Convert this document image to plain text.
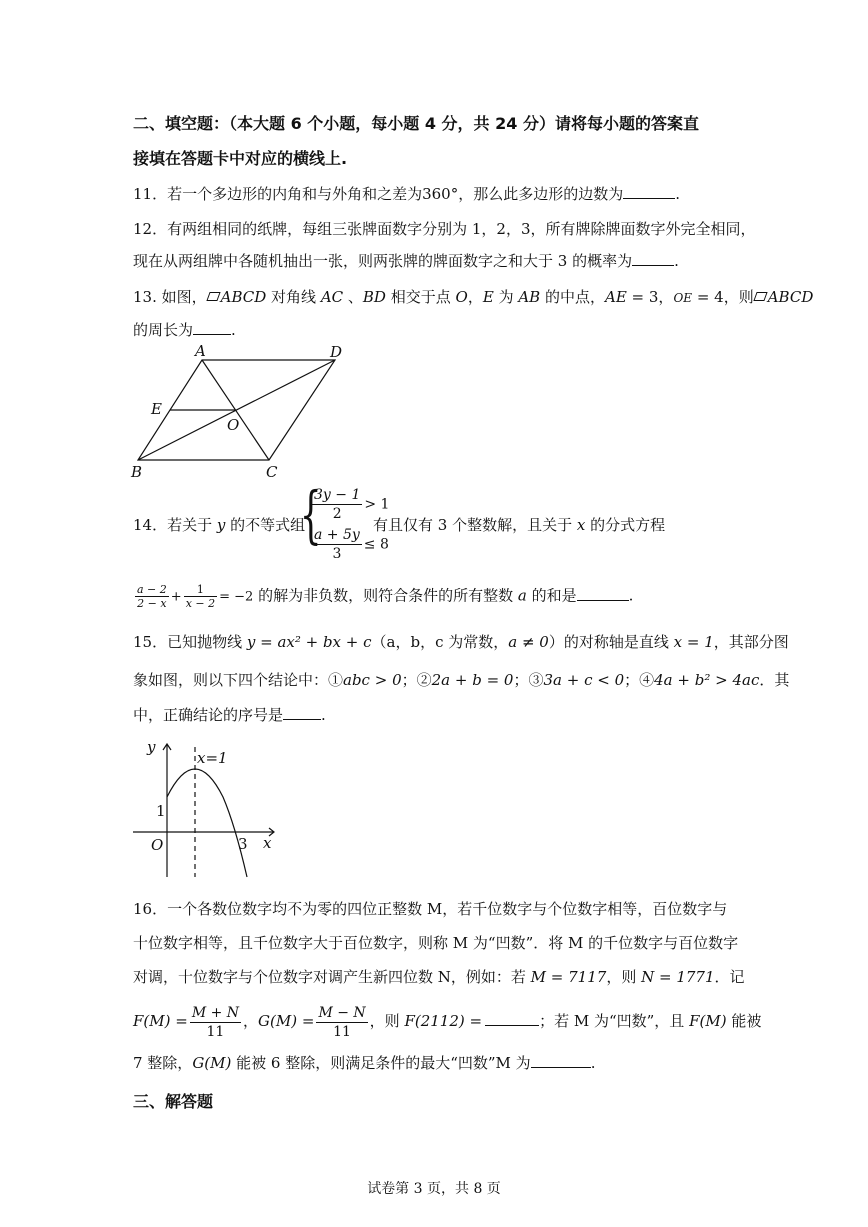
二、填空题：（本大题 6 个小题，每小题 4 分，共 24 分）请将每小题的答案直
接填在答题卡中对应的横线上.
11．若一个多边形的内角和与外角和之差为360°，那么此多边形的边数为	.
12．有两组相同的纸牌，每组三张牌面数字分别为 1，2，3，所有牌除牌面数字外完全相同，
现在从两组牌中各随机抽出一张，则两张牌的牌面数字之和大于 3 的概率为	.
13. 如图， ABCD 对角线 AC 、BD 相交于点 O，E 为 AB 的中点，AE = 3，OE = 4，则 ABCD
的周长为	.
A	D
E
O
B	C
14．若关于 y 的不等式组
{
$\frac{3y - 1}{2} > 1$
$\frac{a + 5y}{3} \le 8$
有且仅有 3 个整数解，且关于 x 的分式方程
$\frac{a - 2}{2 - x} + \frac{1}{x - 2} = -2$ 的解为非负数，则符合条件的所有整数 a 的和是	.
15．已知抛物线 y = ax² + bx + c（a，b，c 为常数，a ≠ 0）的对称轴是直线 x = 1，其部分图
象如图，则以下四个结论中：①abc > 0；②2a + b = 0；③3a + c < 0；④4a + b² > 4ac．其
中，正确结论的序号是	.
y
x=1
1
O	3 x
16．一个各数位数字均不为零的四位正整数 M，若千位数字与个位数字相等，百位数字与
十位数字相等，且千位数字大于百位数字，则称 M 为“凹数”．将 M 的千位数字与百位数字
对调，十位数字与个位数字对调产生新四位数 N，例如：若 M = 7117，则 N = 1771．记
$F(M) = \frac{M + N}{11}$ ，$G(M) = \frac{M - N}{11}$ ，则 F(2112) =	；若 M 为“凹数”，且 F(M) 能被
7 整除，G(M) 能被 6 整除，则满足条件的最大“凹数”M 为	.
三、解答题
试卷第 3 页，共 8 页
